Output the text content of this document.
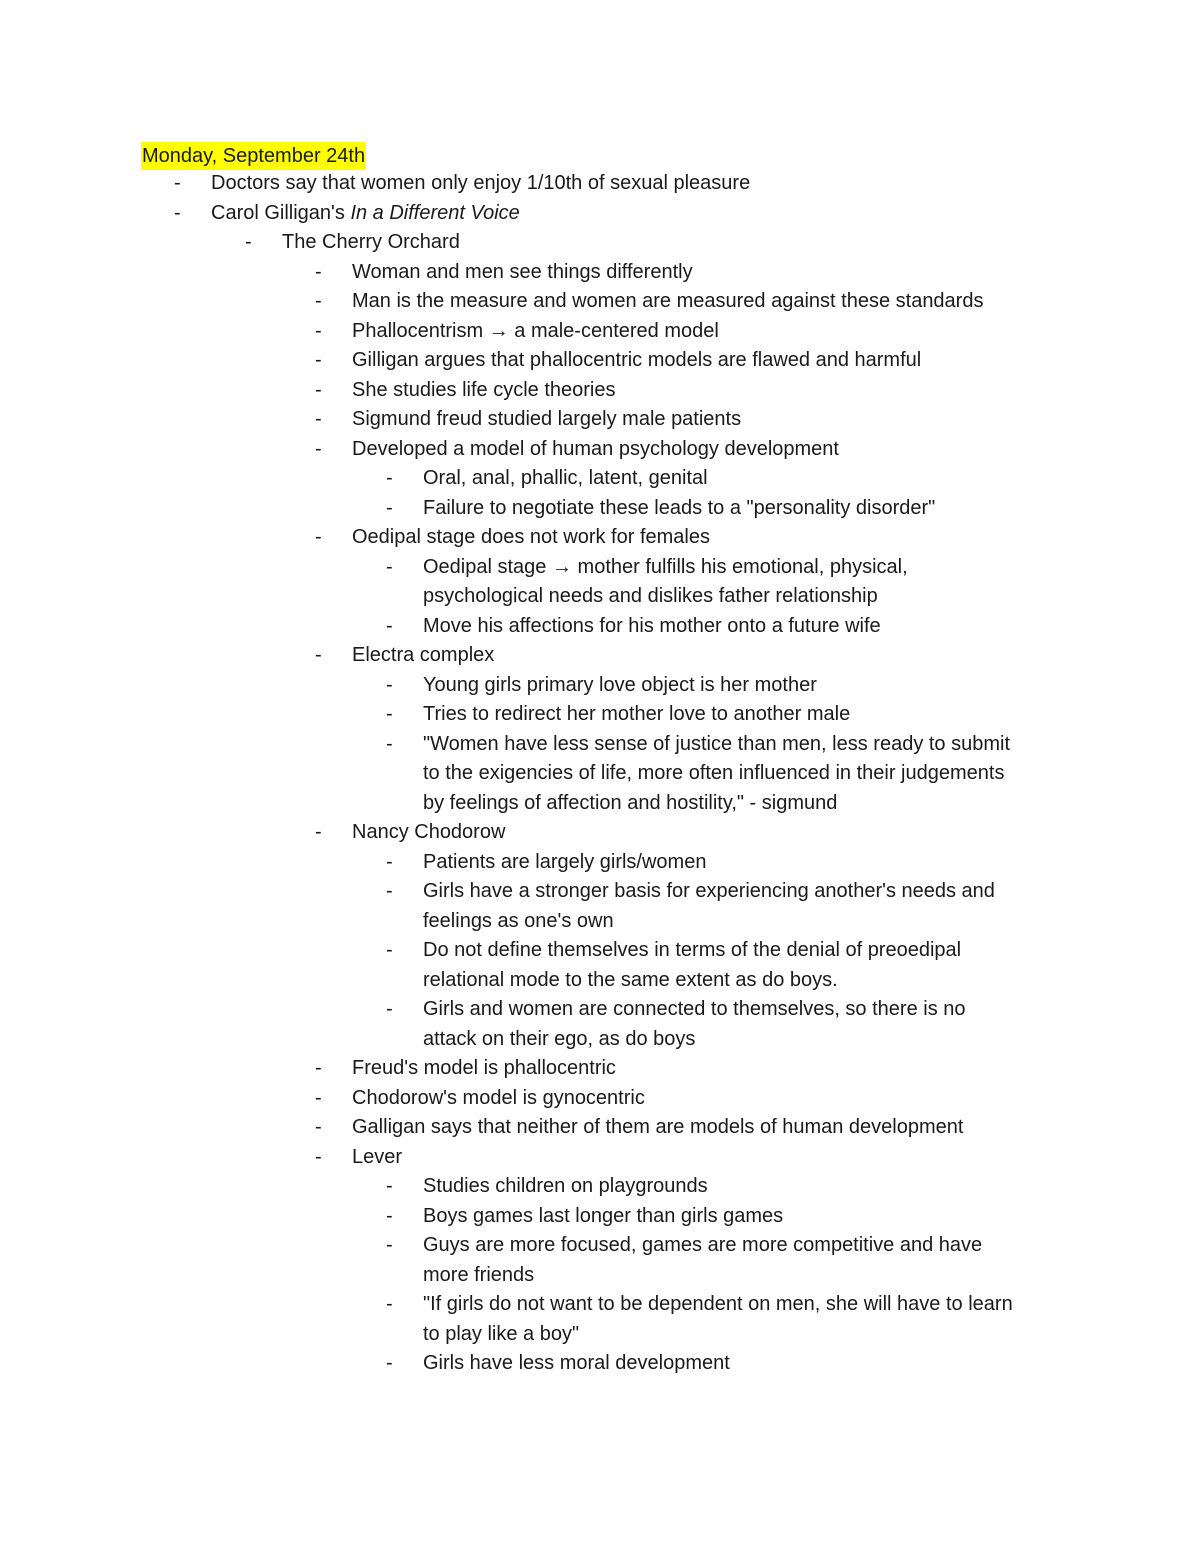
Monday, September 24th
- Doctors say that women only enjoy 1/10th of sexual pleasure
- Carol Gilligan's In a Different Voice
- The Cherry Orchard
- Woman and men see things differently
- Man is the measure and women are measured against these standards
- Phallocentrism → a male-centered model
- Gilligan argues that phallocentric models are flawed and harmful
- She studies life cycle theories
- Sigmund freud studied largely male patients
- Developed a model of human psychology development
- Oral, anal, phallic, latent, genital
- Failure to negotiate these leads to a "personality disorder"
- Oedipal stage does not work for females
- Oedipal stage → mother fulfills his emotional, physical,
psychological needs and dislikes father relationship
- Move his affections for his mother onto a future wife
- Electra complex
- Young girls primary love object is her mother
- Tries to redirect her mother love to another male
- "Women have less sense of justice than men, less ready to submit
to the exigencies of life, more often influenced in their judgements
by feelings of affection and hostility," - sigmund
- Nancy Chodorow
- Patients are largely girls/women
- Girls have a stronger basis for experiencing another's needs and
feelings as one's own
- Do not define themselves in terms of the denial of preoedipal
relational mode to the same extent as do boys.
- Girls and women are connected to themselves, so there is no
attack on their ego, as do boys
- Freud's model is phallocentric
- Chodorow's model is gynocentric
- Galligan says that neither of them are models of human development
- Lever
- Studies children on playgrounds
- Boys games last longer than girls games
- Guys are more focused, games are more competitive and have
more friends
- "If girls do not want to be dependent on men, she will have to learn
to play like a boy"
- Girls have less moral development
